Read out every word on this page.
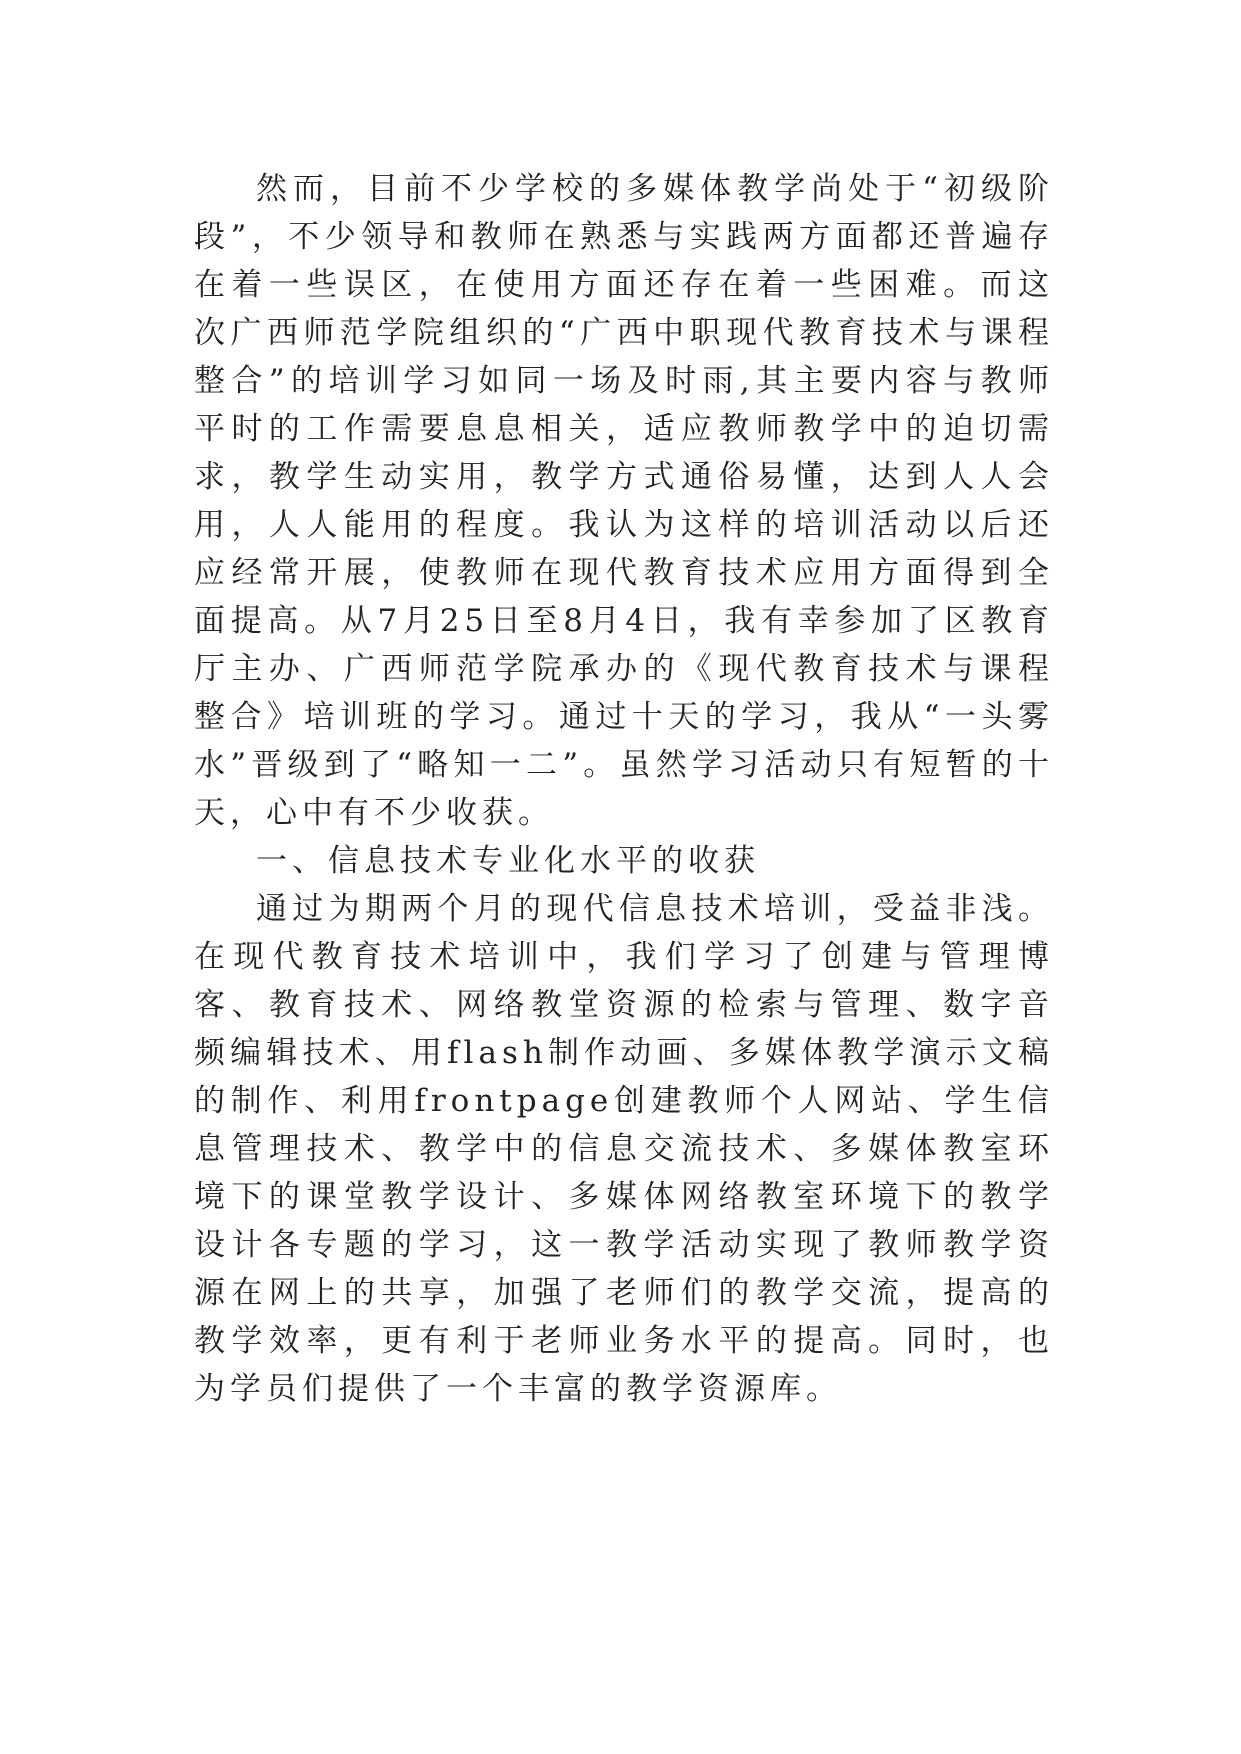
然而，目前不少学校的多媒体教学尚处于“初级阶段”，不少领导和教师在熟悉与实践两方面都还普遍存在着一些误区，在使用方面还存在着一些困难。而这次广西师范学院组织的“广西中职现代教育技术与课程整合”的培训学习如同一场及时雨,其主要内容与教师平时的工作需要息息相关，适应教师教学中的迫切需求，教学生动实用，教学方式通俗易懂，达到人人会用，人人能用的程度。我认为这样的培训活动以后还应经常开展，使教师在现代教育技术应用方面得到全面提高。从7月25日至8月4日，我有幸参加了区教育厅主办、广西师范学院承办的《现代教育技术与课程整合》培训班的学习。通过十天的学习，我从“一头雾水”晋级到了“略知一二”。虽然学习活动只有短暂的十天，心中有不少收获。

一、信息技术专业化水平的收获

通过为期两个月的现代信息技术培训，受益非浅。在现代教育技术培训中，我们学习了创建与管理博客、教育技术、网络教堂资源的检索与管理、数字音频编辑技术、用flash制作动画、多媒体教学演示文稿的制作、利用frontpage创建教师个人网站、学生信息管理技术、教学中的信息交流技术、多媒体教室环境下的课堂教学设计、多媒体网络教室环境下的教学设计各专题的学习，这一教学活动实现了教师教学资源在网上的共享，加强了老师们的教学交流，提高的教学效率，更有利于老师业务水平的提高。同时，也为学员们提供了一个丰富的教学资源库。
